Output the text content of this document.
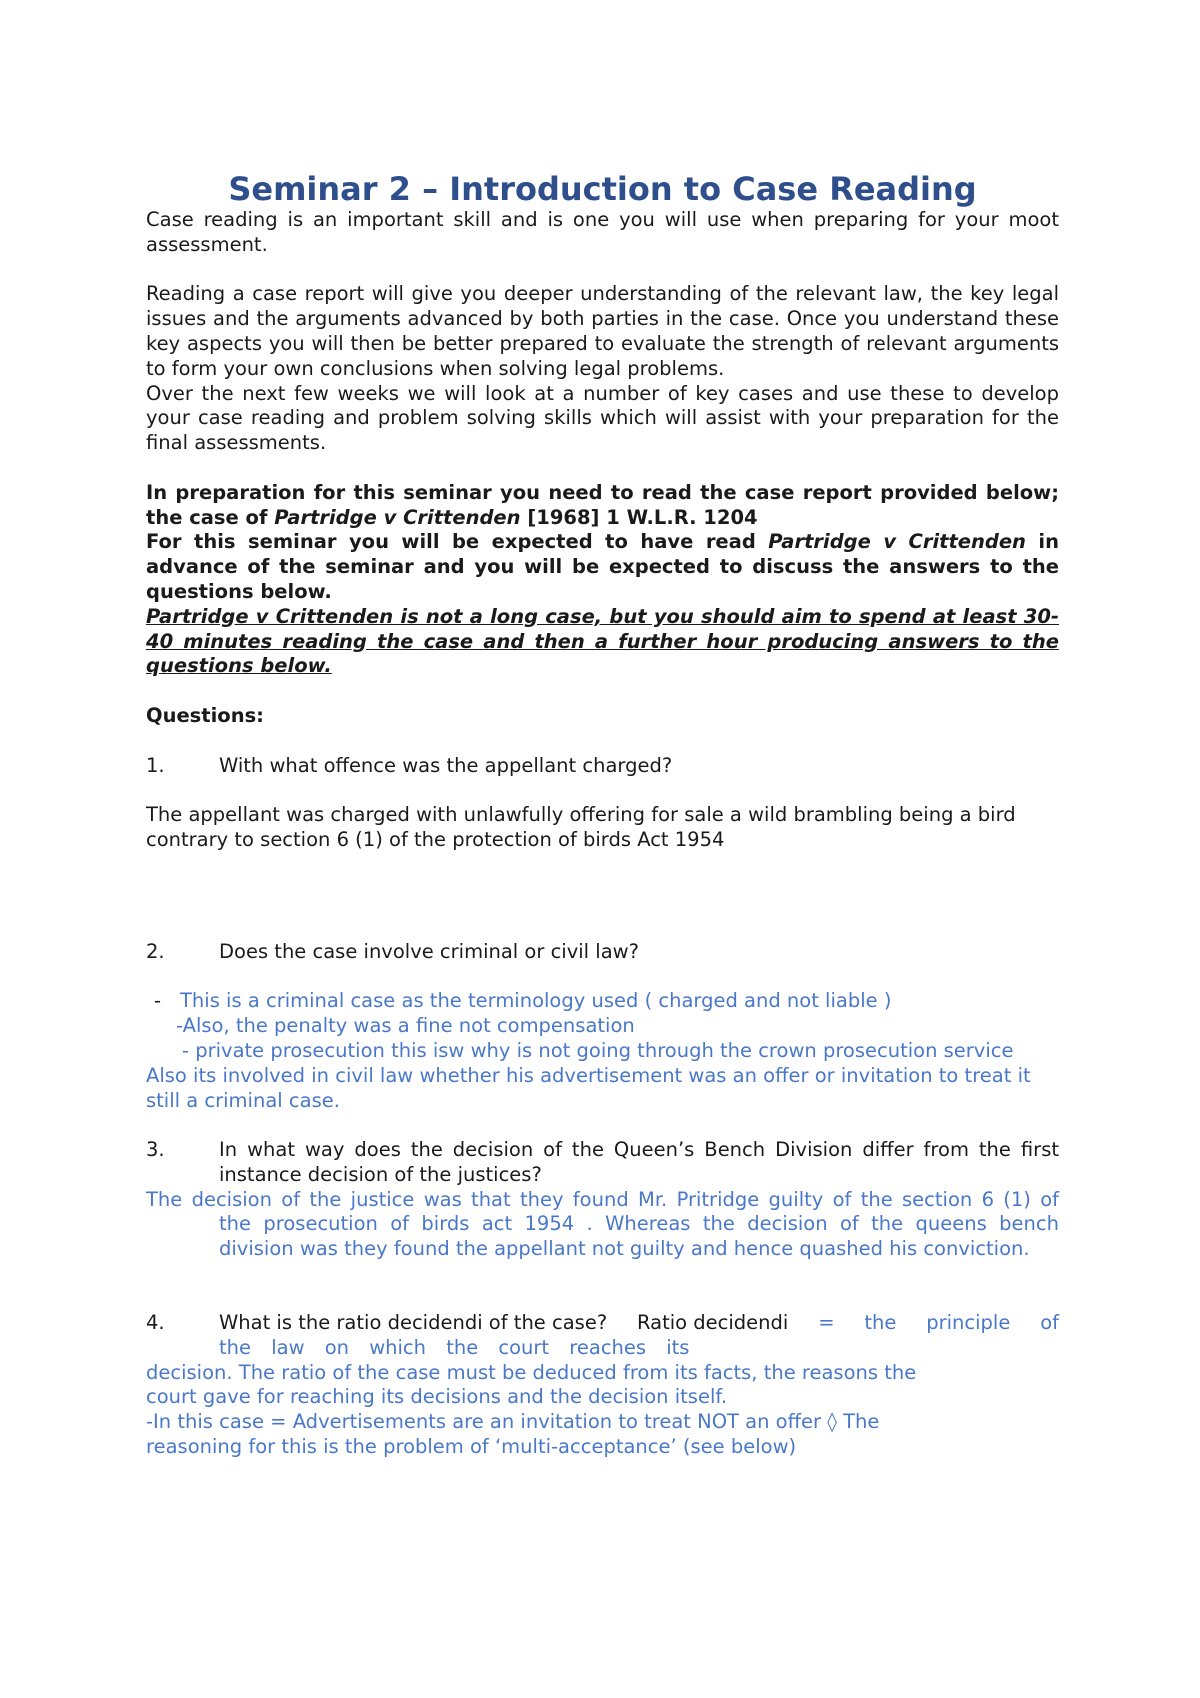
Seminar 2 – Introduction to Case Reading

Case reading is an important skill and is one you will use when preparing for your moot assessment.

Reading a case report will give you deeper understanding of the relevant law, the key legal issues and the arguments advanced by both parties in the case. Once you understand these key aspects you will then be better prepared to evaluate the strength of relevant arguments to form your own conclusions when solving legal problems.

Over the next few weeks we will look at a number of key cases and use these to develop your case reading and problem solving skills which will assist with your preparation for the final assessments.

In preparation for this seminar you need to read the case report provided below; the case of Partridge v Crittenden [1968] 1 W.L.R. 1204

For this seminar you will be expected to have read Partridge v Crittenden in advance of the seminar and you will be expected to discuss the answers to the questions below.

Partridge v Crittenden is not a long case, but you should aim to spend at least 30-40 minutes reading the case and then a further hour producing answers to the questions below.

Questions:

1.	With what offence was the appellant charged?

The appellant was charged with unlawfully offering for sale a wild brambling being a bird contrary to section 6 (1) of the protection of birds Act 1954

2.	Does the case involve criminal or civil law?
- This is a criminal case as the terminology used ( charged and not liable )

-Also, the penalty was a fine not compensation

- private prosecution this isw why is not going through the crown prosecution service

Also its involved in civil law whether his advertisement was an offer or invitation to treat it still a criminal case.

3.	In what way does the decision of the Queen’s Bench Division differ from the first instance decision of the justices?

The decision of the justice was that they found Mr. Pritridge guilty of the section 6 (1) of

the prosecution of birds act 1954 . Whereas the decision of the queens bench division was they found the appellant not guilty and hence quashed his conviction.

4.	What is the ratio decidendi of the case? Ratio decidendi = the principle of

the law on which the court reaches its

decision. The ratio of the case must be deduced from its facts, the reasons the

court gave for reaching its decisions and the decision itself.

-In this case = Advertisements are an invitation to treat NOT an offer ◊ The

reasoning for this is the problem of ‘multi-acceptance’ (see below)
